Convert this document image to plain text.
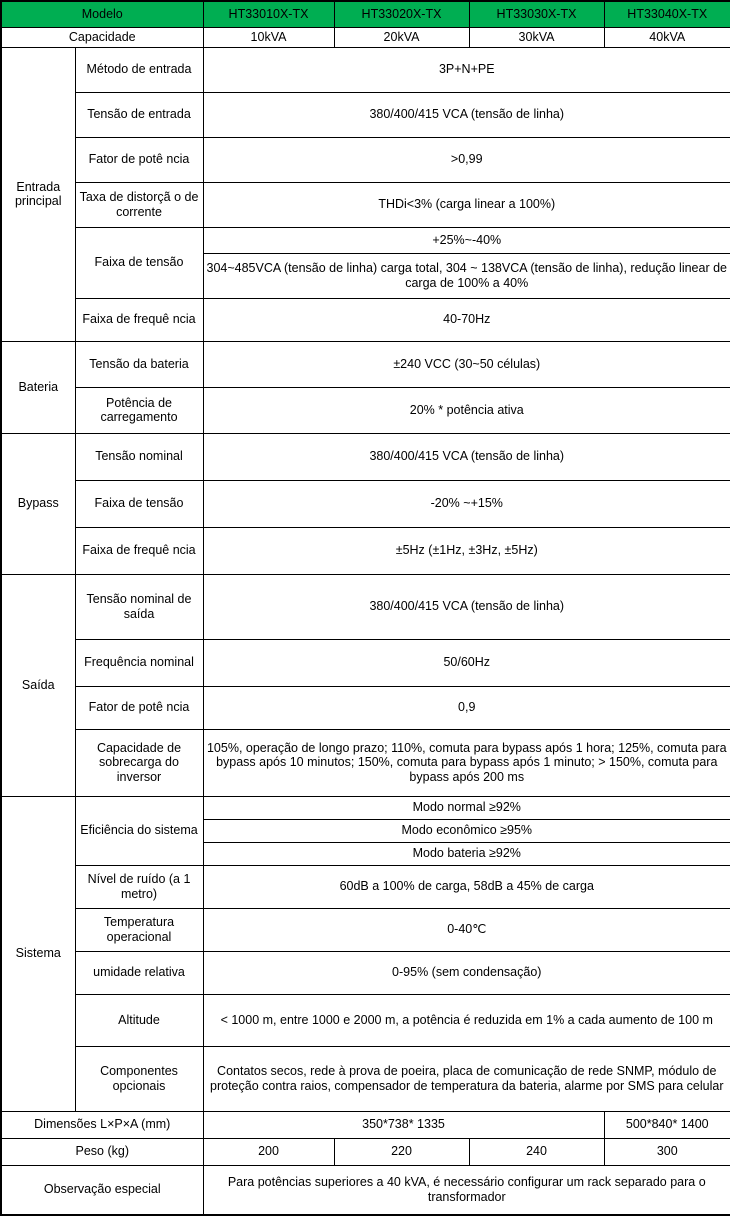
Modelo		HT33010X-TX	HT33020X-TX	HT33030X-TX	HT33040X-TX
Capacidade		10kVA	20kVA	30kVA	40kVA
Entrada principal	Método de entrada	3P+N+PE			
	Tensão de entrada	380/400/415 VCA (tensão de linha)			
	Fator de potê ncia	>0,99			
	Taxa de distorçã o de corrente	THDi<3% (carga linear a 100%)			
	Faixa de tensão	+25%~-40%			
		304~485VCA (tensão de linha) carga total, 304 ~ 138VCA (tensão de linha), redução linear de carga de 100% a 40%			
	Faixa de frequê ncia	40-70Hz			
Bateria	Tensão da bateria	±240 VCC (30~50 células)			
	Potência de carregamento	20% * potência ativa			
Bypass	Tensão nominal	380/400/415 VCA (tensão de linha)			
	Faixa de tensão	-20% ~+15%			
	Faixa de frequê ncia	±5Hz (±1Hz, ±3Hz, ±5Hz)			
Saída	Tensão nominal de saída	380/400/415 VCA (tensão de linha)			
	Frequência nominal	50/60Hz			
	Fator de potê ncia	0,9			
	Capacidade de sobrecarga do inversor	105%, operação de longo prazo; 110%, comuta para bypass após 1 hora; 125%, comuta para bypass após 10 minutos; 150%, comuta para bypass após 1 minuto; > 150%, comuta para bypass após 200 ms			
Sistema	Eficiência do sistema	Modo normal ≥92%			
		Modo econômico ≥95%			
		Modo bateria ≥92%			
	Nível de ruído (a 1 metro)	60dB a 100% de carga, 58dB a 45% de carga			
	Temperatura operacional	0-40℃			
	umidade relativa	0-95% (sem condensação)			
	Altitude	< 1000 m, entre 1000 e 2000 m, a potência é reduzida em 1% a cada aumento de 100 m			
	Componentes opcionais	Contatos secos, rede à prova de poeira, placa de comunicação de rede SNMP, módulo de proteção contra raios, compensador de temperatura da bateria, alarme por SMS para celular			
Dimensões L×P×A (mm)		350*738* 1335			500*840* 1400
Peso (kg)		200	220	240	300
Observação especial		Para potências superiores a 40 kVA, é necessário configurar um rack separado para o transformador			
